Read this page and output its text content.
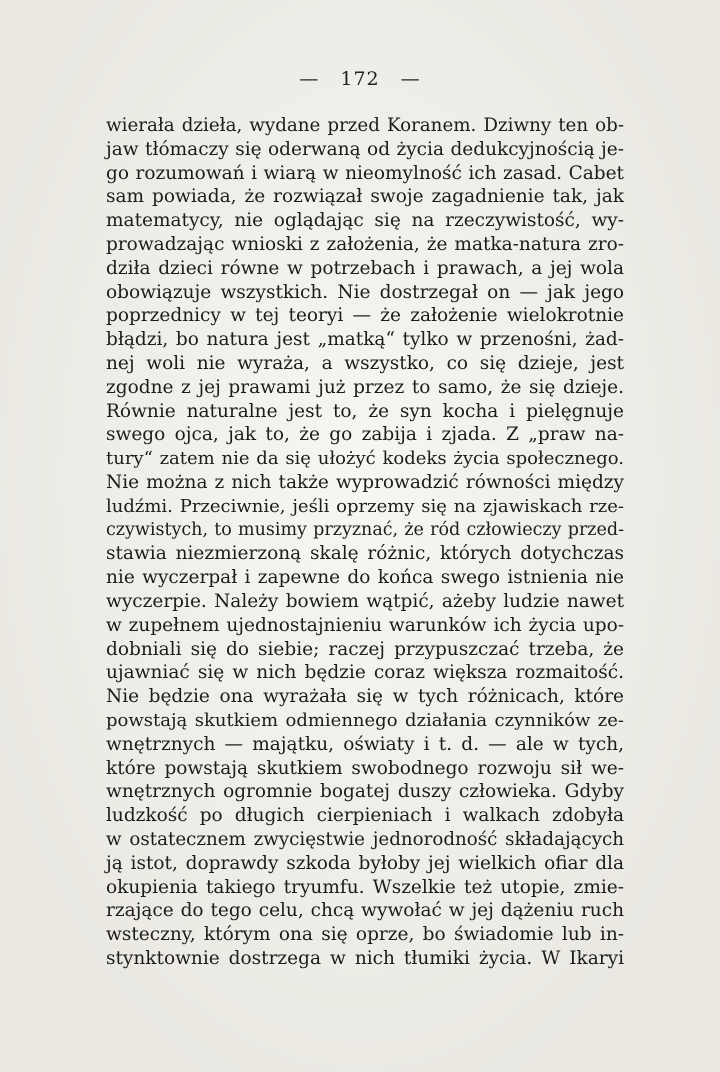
— 172 —
wierała dzieła, wydane przed Koranem. Dziwny ten ob-
jaw tłómaczy się oderwaną od życia dedukcyjnością je-
go rozumowań i wiarą w nieomylność ich zasad. Cabet
sam powiada, że rozwiązał swoje zagadnienie tak, jak
matematycy, nie oglądając się na rzeczywistość, wy-
prowadzając wnioski z założenia, że matka-natura zro-
dziła dzieci równe w potrzebach i prawach, a jej wola
obowiązuje wszystkich. Nie dostrzegał on — jak jego
poprzednicy w tej teoryi — że założenie wielokrotnie
błądzi, bo natura jest „matką“ tylko w przenośni, żad-
nej woli nie wyraża, a wszystko, co się dzieje, jest
zgodne z jej prawami już przez to samo, że się dzieje.
Równie naturalne jest to, że syn kocha i pielęgnuje
swego ojca, jak to, że go zabija i zjada. Z „praw na-
tury“ zatem nie da się ułożyć kodeks życia społecznego.
Nie można z nich także wyprowadzić równości między
ludźmi. Przeciwnie, jeśli oprzemy się na zjawiskach rze-
czywistych, to musimy przyznać, że ród człowieczy przed-
stawia niezmierzoną skalę różnic, których dotychczas
nie wyczerpał i zapewne do końca swego istnienia nie
wyczerpie. Należy bowiem wątpić, ażeby ludzie nawet
w zupełnem ujednostajnieniu warunków ich życia upo-
dobniali się do siebie; raczej przypuszczać trzeba, że
ujawniać się w nich będzie coraz większa rozmaitość.
Nie będzie ona wyrażała się w tych różnicach, które
powstają skutkiem odmiennego działania czynników ze-
wnętrznych — majątku, oświaty i t. d. — ale w tych,
które powstają skutkiem swobodnego rozwoju sił we-
wnętrznych ogromnie bogatej duszy człowieka. Gdyby
ludzkość po długich cierpieniach i walkach zdobyła
w ostatecznem zwycięstwie jednorodność składających
ją istot, doprawdy szkoda byłoby jej wielkich ofiar dla
okupienia takiego tryumfu. Wszelkie też utopie, zmie-
rzające do tego celu, chcą wywołać w jej dążeniu ruch
wsteczny, którym ona się oprze, bo świadomie lub in-
stynktownie dostrzega w nich tłumiki życia. W Ikaryi
